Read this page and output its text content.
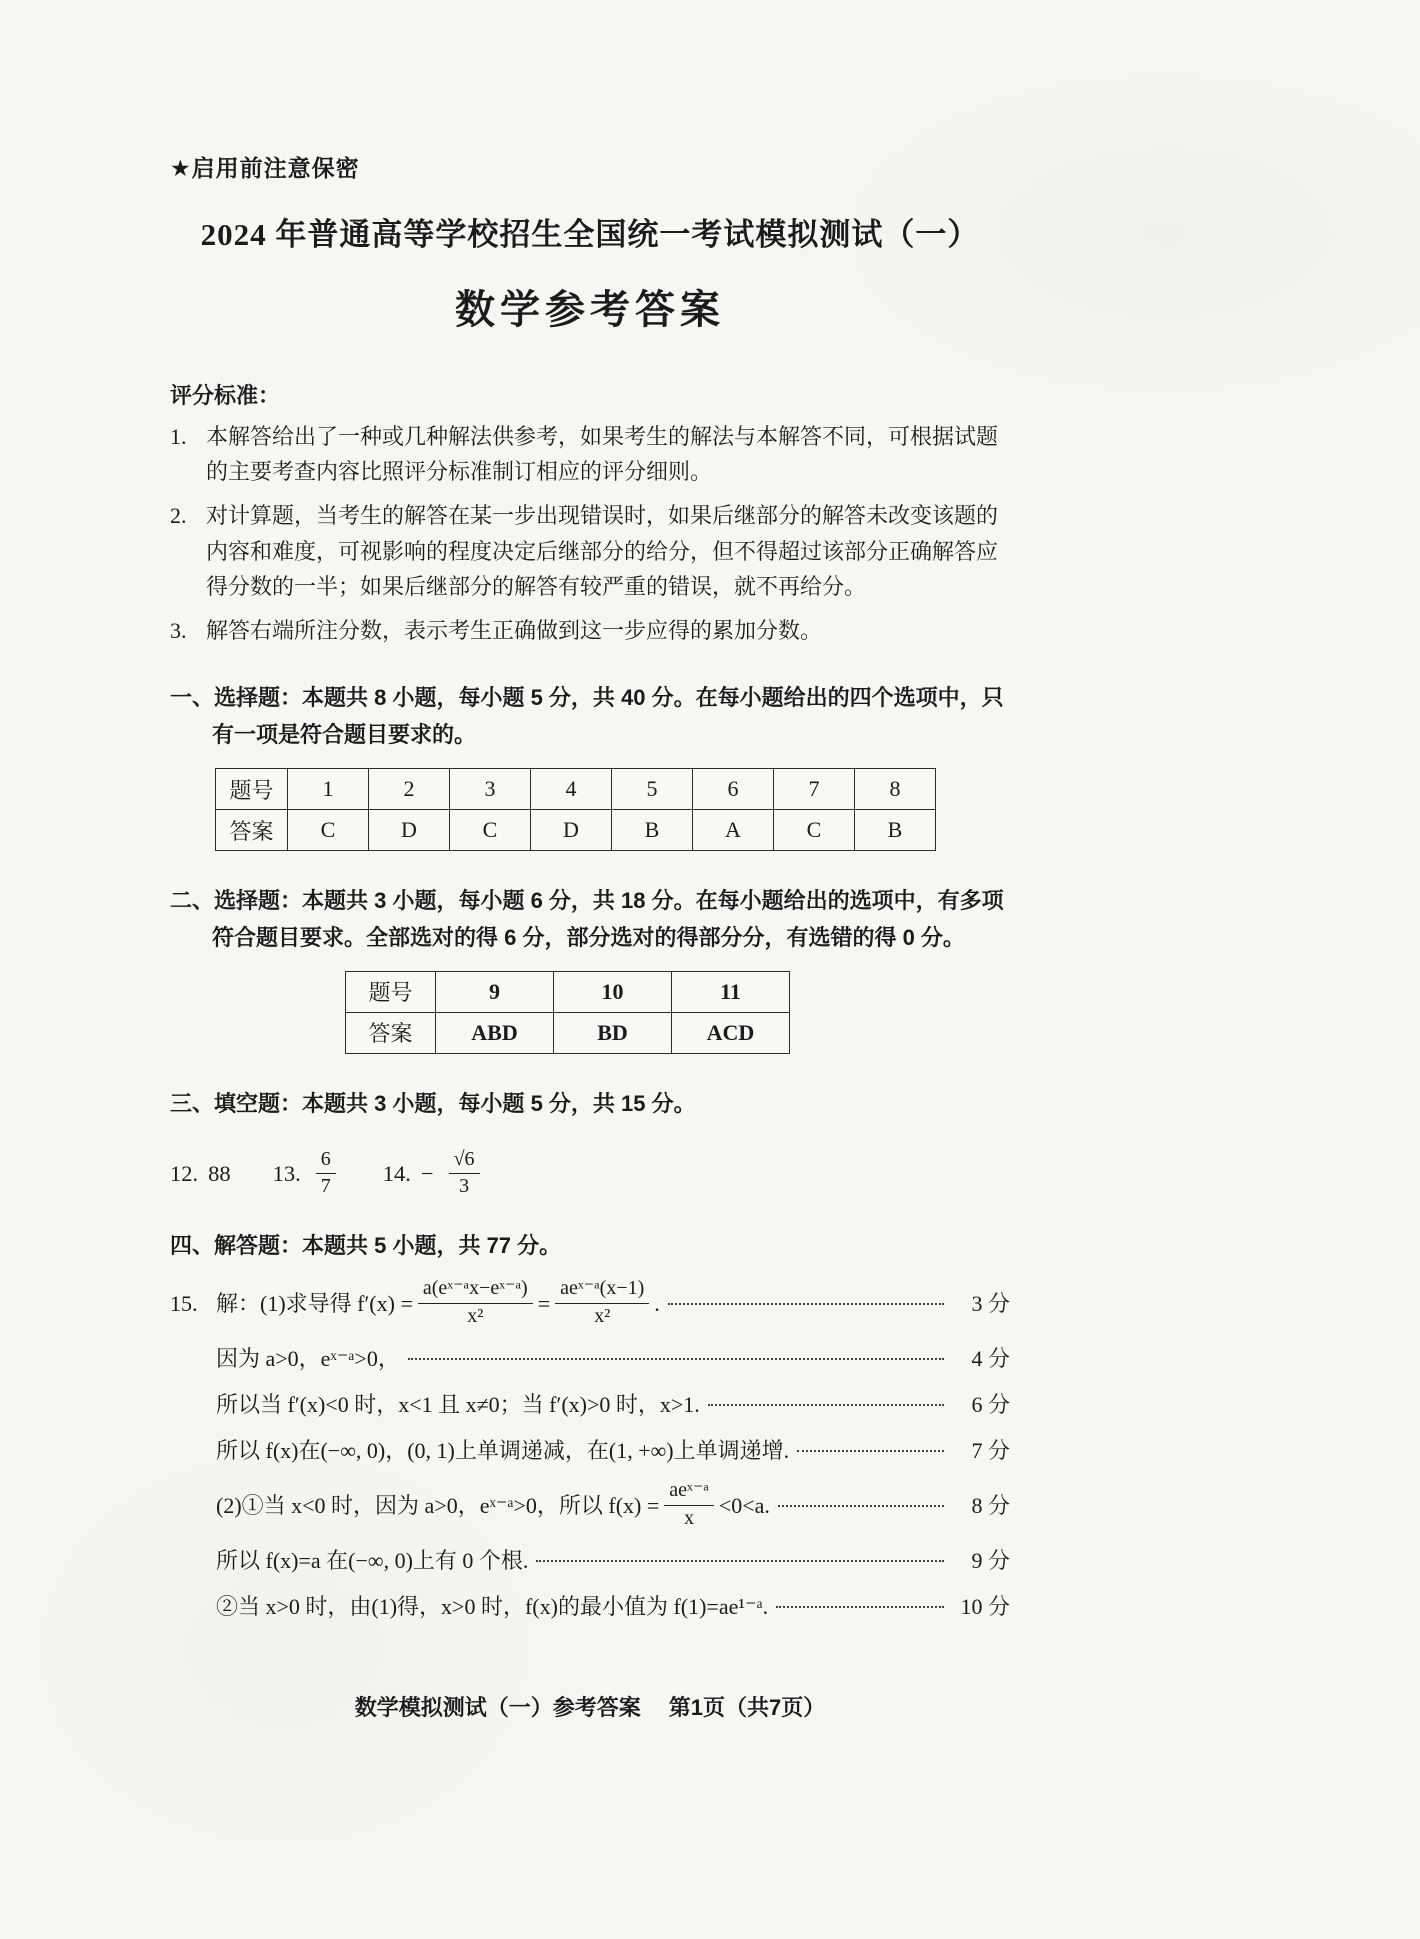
★启用前注意保密
2024 年普通高等学校招生全国统一考试模拟测试（一）
数学参考答案
评分标准：
1. 本解答给出了一种或几种解法供参考，如果考生的解法与本解答不同，可根据试题的主要考查内容比照评分标准制订相应的评分细则。
2. 对计算题，当考生的解答在某一步出现错误时，如果后继部分的解答未改变该题的内容和难度，可视影响的程度决定后继部分的给分，但不得超过该部分正确解答应得分数的一半；如果后继部分的解答有较严重的错误，就不再给分。
3. 解答右端所注分数，表示考生正确做到这一步应得的累加分数。
一、选择题：本题共 8 小题，每小题 5 分，共 40 分。在每小题给出的四个选项中，只有一项是符合题目要求的。
题号	1	2	3	4	5	6	7	8
答案	C	D	C	D	B	A	C	B
二、选择题：本题共 3 小题，每小题 6 分，共 18 分。在每小题给出的选项中，有多项符合题目要求。全部选对的得 6 分，部分选对的得部分分，有选错的得 0 分。
题号	9	10	11
答案	ABD	BD	ACD
三、填空题：本题共 3 小题，每小题 5 分，共 15 分。
12. 88 13. $\frac{6}{7} 14$. − $\frac{√6}{3}$
四、解答题：本题共 5 小题，共 77 分。
15. 解：(1)求导得 $f'(x) = \frac{\text{a(eˣ⁻ᵃx−eˣ⁻ᵃ)}}{\text{x²}} = \frac{\text{aeˣ⁻ᵃ(x−1)}}{\text{x²}}$ .	3 分
因为 a>0，eˣ⁻ᵃ>0，	4 分
所以当 f′(x)<0 时，x<1 且 x≠0；当 f′(x)>0 时，x>1.	6 分
所以 f(x)在(−∞, 0)，(0, 1)上单调递减，在(1, +∞)上单调递增.	7 分
(2)①当 x<0 时，因为 a>0，eˣ⁻ᵃ>0，所以 $f(x) = \frac{\text{aeˣ⁻ᵃ}}{x} <0<a$.	8 分
所以 f(x)=a 在(−∞, 0)上有 0 个根.	9 分
②当 x>0 时，由(1)得，x>0 时，f(x)的最小值为 f(1)=ae¹⁻ᵃ.	10 分
数学模拟测试（一）参考答案 第1页（共7页）
